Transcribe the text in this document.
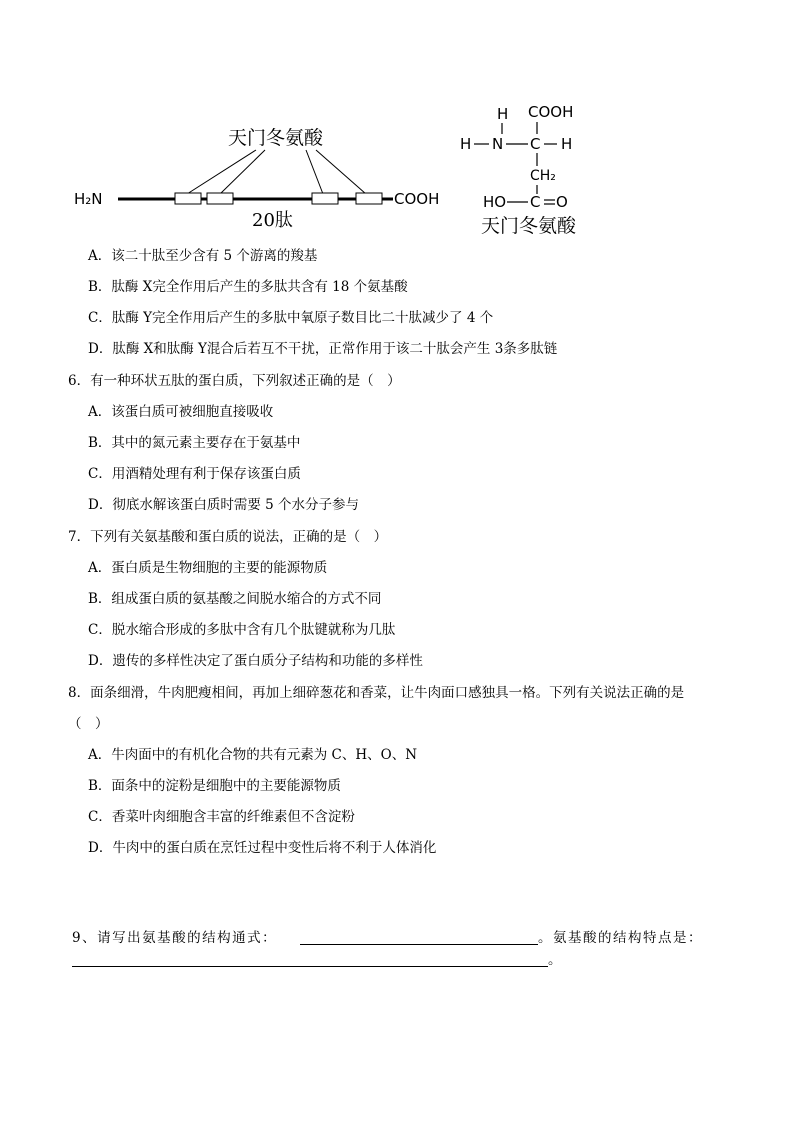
天门冬氨酸
H₂N	COOH
20肽
H COOH
H N C H
CH₂
HO C O
天门冬氨酸
A．该二十肽至少含有 5 个游离的羧基
B．肽酶 X完全作用后产生的多肽共含有 18 个氨基酸
C．肽酶 Y完全作用后产生的多肽中氧原子数目比二十肽减少了 4 个
D．肽酶 X和肽酶 Y混合后若互不干扰，正常作用于该二十肽会产生 3条多肽链
6．有一种环状五肽的蛋白质，下列叙述正确的是（　）
A．该蛋白质可被细胞直接吸收
B．其中的氮元素主要存在于氨基中
C．用酒精处理有利于保存该蛋白质
D．彻底水解该蛋白质时需要 5 个水分子参与
7．下列有关氨基酸和蛋白质的说法，正确的是（　）
A．蛋白质是生物细胞的主要的能源物质
B．组成蛋白质的氨基酸之间脱水缩合的方式不同
C．脱水缩合形成的多肽中含有几个肽键就称为几肽
D．遗传的多样性决定了蛋白质分子结构和功能的多样性
8．面条细滑，牛肉肥瘦相间，再加上细碎葱花和香菜，让牛肉面口感独具一格。下列有关说法正确的是
（　）
A．牛肉面中的有机化合物的共有元素为 C、H、O、N
B．面条中的淀粉是细胞中的主要能源物质
C．香菜叶肉细胞含丰富的纤维素但不含淀粉
D．牛肉中的蛋白质在烹饪过程中变性后将不利于人体消化
9、请写出氨基酸的结构通式：	。氨基酸的结构特点是：
。
